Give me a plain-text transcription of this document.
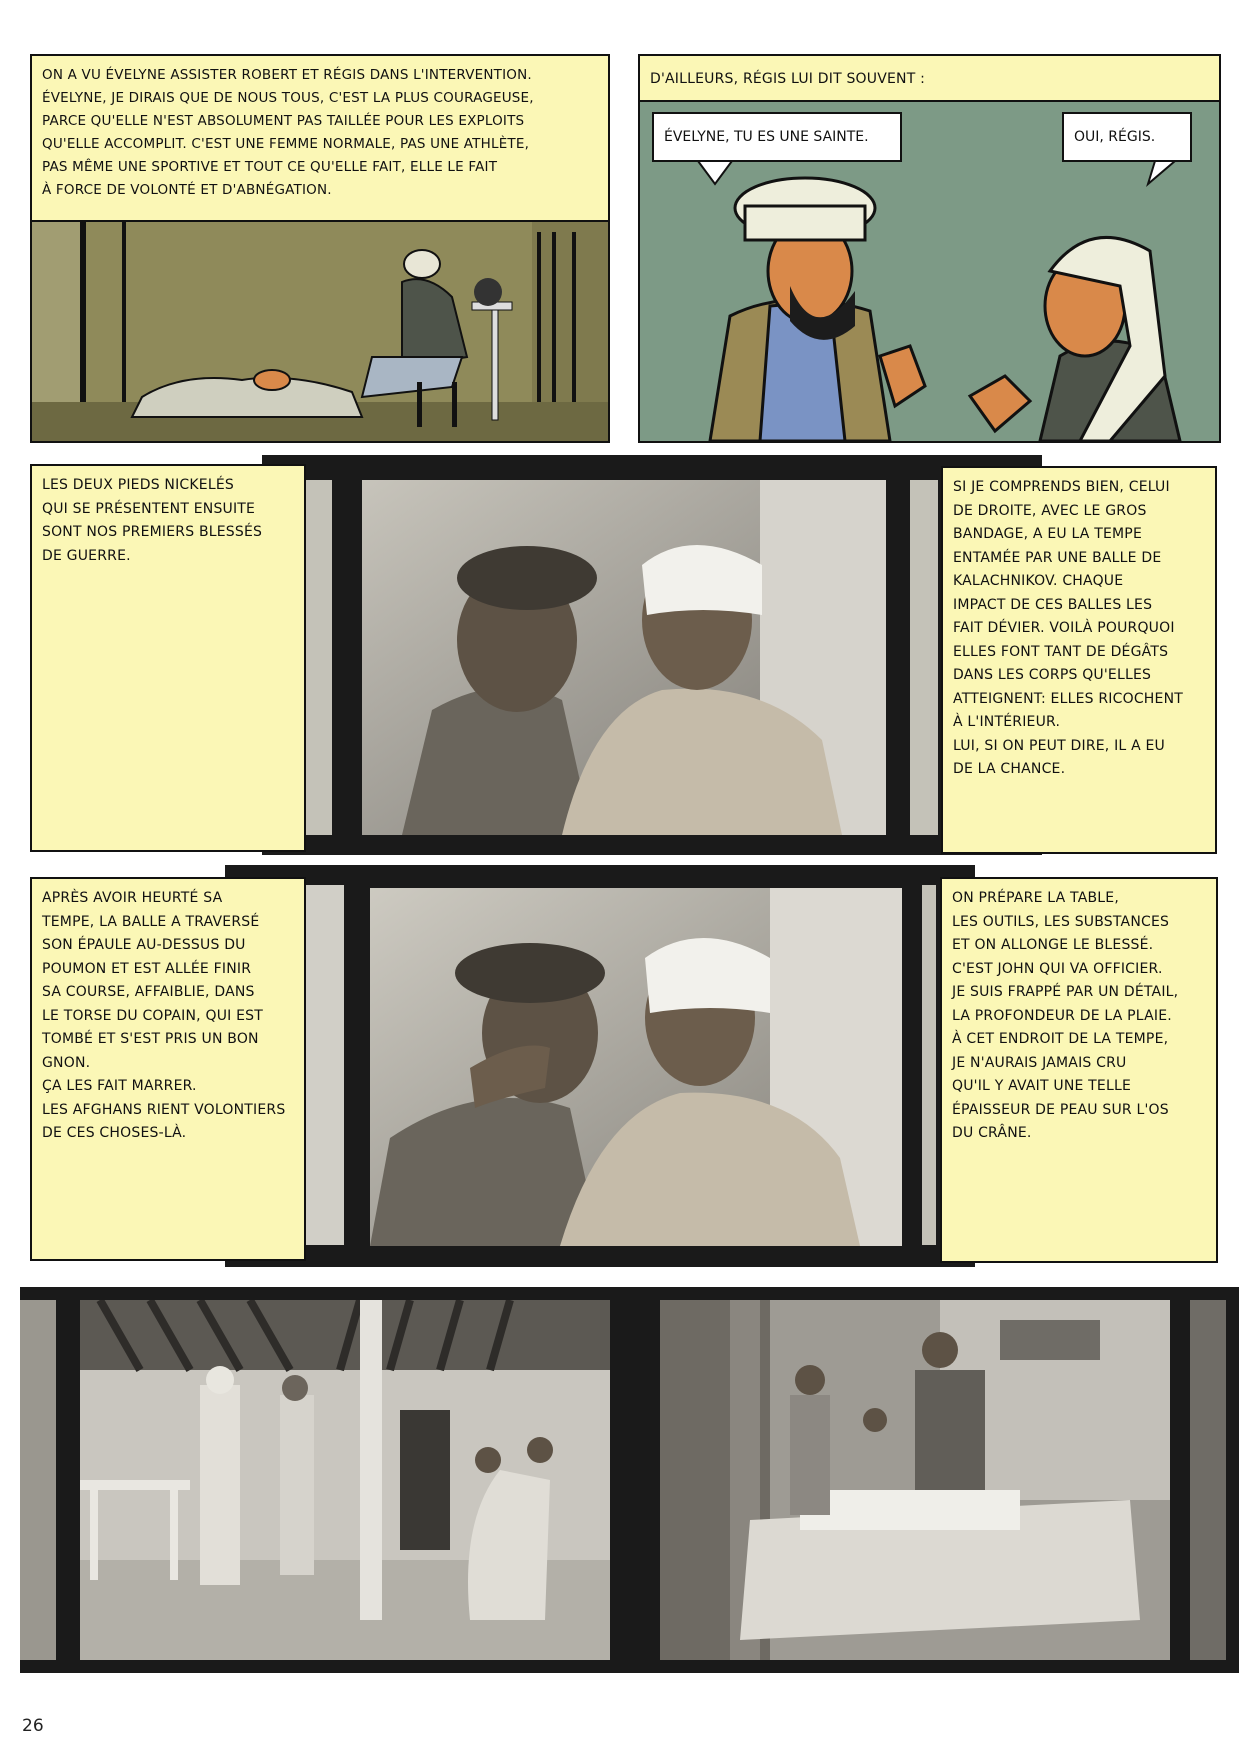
ON A VU ÉVELYNE ASSISTER ROBERT ET RÉGIS DANS L'INTERVENTION.
ÉVELYNE, JE DIRAIS QUE DE NOUS TOUS, C'EST LA PLUS COURAGEUSE,
PARCE QU'ELLE N'EST ABSOLUMENT PAS TAILLÉE POUR LES EXPLOITS
QU'ELLE ACCOMPLIT. C'EST UNE FEMME NORMALE, PAS UNE ATHLÈTE,
PAS MÊME UNE SPORTIVE ET TOUT CE QU'ELLE FAIT, ELLE LE FAIT
À FORCE DE VOLONTÉ ET D'ABNÉGATION.
D'AILLEURS, RÉGIS LUI DIT SOUVENT :
ÉVELYNE, TU ES UNE SAINTE.	OUI, RÉGIS.
LES DEUX PIEDS NICKELÉS
QUI SE PRÉSENTENT ENSUITE
SONT NOS PREMIERS BLESSÉS
DE GUERRE.
SI JE COMPRENDS BIEN, CELUI
DE DROITE, AVEC LE GROS
BANDAGE, A EU LA TEMPE
ENTAMÉE PAR UNE BALLE DE
KALACHNIKOV. CHAQUE
IMPACT DE CES BALLES LES
FAIT DÉVIER. VOILÀ POURQUOI
ELLES FONT TANT DE DÉGÂTS
DANS LES CORPS QU'ELLES
ATTEIGNENT: ELLES RICOCHENT
À L'INTÉRIEUR.
LUI, SI ON PEUT DIRE, IL A EU
DE LA CHANCE.
APRÈS AVOIR HEURTÉ SA
TEMPE, LA BALLE A TRAVERSÉ
SON ÉPAULE AU-DESSUS DU
POUMON ET EST ALLÉE FINIR
SA COURSE, AFFAIBLIE, DANS
LE TORSE DU COPAIN, QUI EST
TOMBÉ ET S'EST PRIS UN BON
GNON.
ÇA LES FAIT MARRER.
LES AFGHANS RIENT VOLONTIERS
DE CES CHOSES-LÀ.
ON PRÉPARE LA TABLE,
LES OUTILS, LES SUBSTANCES
ET ON ALLONGE LE BLESSÉ.
C'EST JOHN QUI VA OFFICIER.
JE SUIS FRAPPÉ PAR UN DÉTAIL,
LA PROFONDEUR DE LA PLAIE.
À CET ENDROIT DE LA TEMPE,
JE N'AURAIS JAMAIS CRU
QU'IL Y AVAIT UNE TELLE
ÉPAISSEUR DE PEAU SUR L'OS
DU CRÂNE.
26
